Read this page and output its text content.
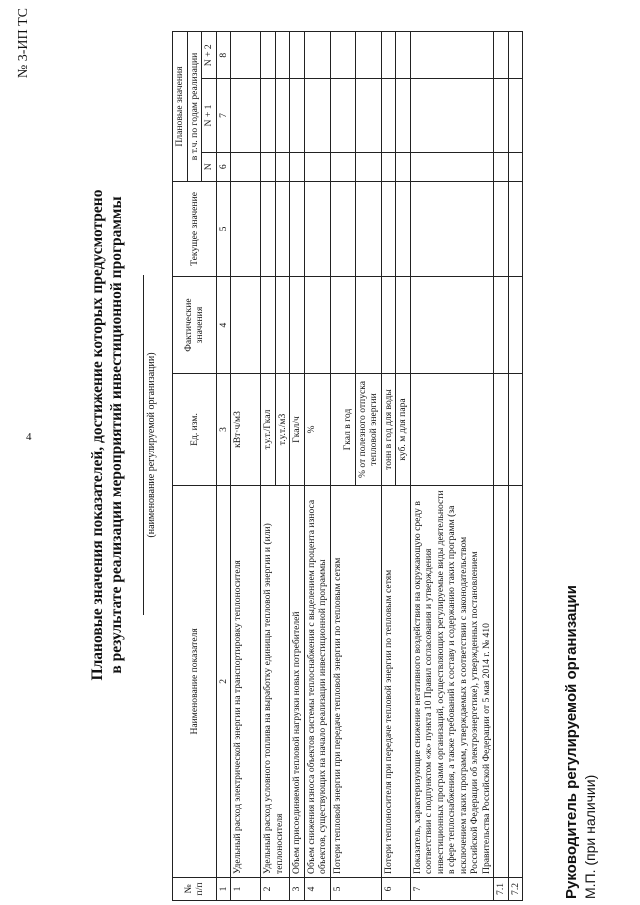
4
№ 3-ИП ТС
Плановые значения показателей, достижение которых предусмотрено в результате реализации мероприятий инвестиционной программы (наименование регулируемой организации)
№ п/п	Наименование показателя	Ед. изм.	Фактические значения	Текущее значение	Плановые значения		
					в т.ч. по годам реализации		
					N	N + 1	N + 2
1	2	3	4	5	6	7	8
1	Удельный расход электрической энергии на транспортировку теплоносителя	кВт·ч/м3					
2	Удельный расход условного топлива на выработку единицы тепловой энергии и (или) теплоносителя	т.у.т./Гкал					
		т.у.т./м3					
3	Объем присоединяемой тепловой нагрузки новых потребителей	Гкал/ч					
4	Объем снижения износа объектов системы теплоснабжения с выделением процента износа объектов, существующих на начало реализации инвестиционной программы	%					
5	Потери тепловой энергии при передаче тепловой энергии по тепловым сетям	Гкал в год					
		% от полезного отпуска тепловой энергии					
6	Потери теплоносителя при передаче тепловой энергии по тепловым сетям	тонн в год для воды					
		куб. м для пара					
7	Показатель, характеризующие снижение негативного воздействия на окружающую среду в соответствии с подпунктом «ж» пункта 10 Правил согласования и утверждения инвестиционных программ организаций, осуществляющих регулируемые виды деятельности в сфере теплоснабжения, а также требований к составу и содержанию таких программ (за исключением таких программ, утверждаемых в соответствии с законодательством Российской Федерации об электроэнергетике), утвержденных постановлением Правительства Российской Федерации от 5 мая 2014 г. № 410						
7.1							
7.2								Руководитель регулируемой организации М.П. (при наличии)
